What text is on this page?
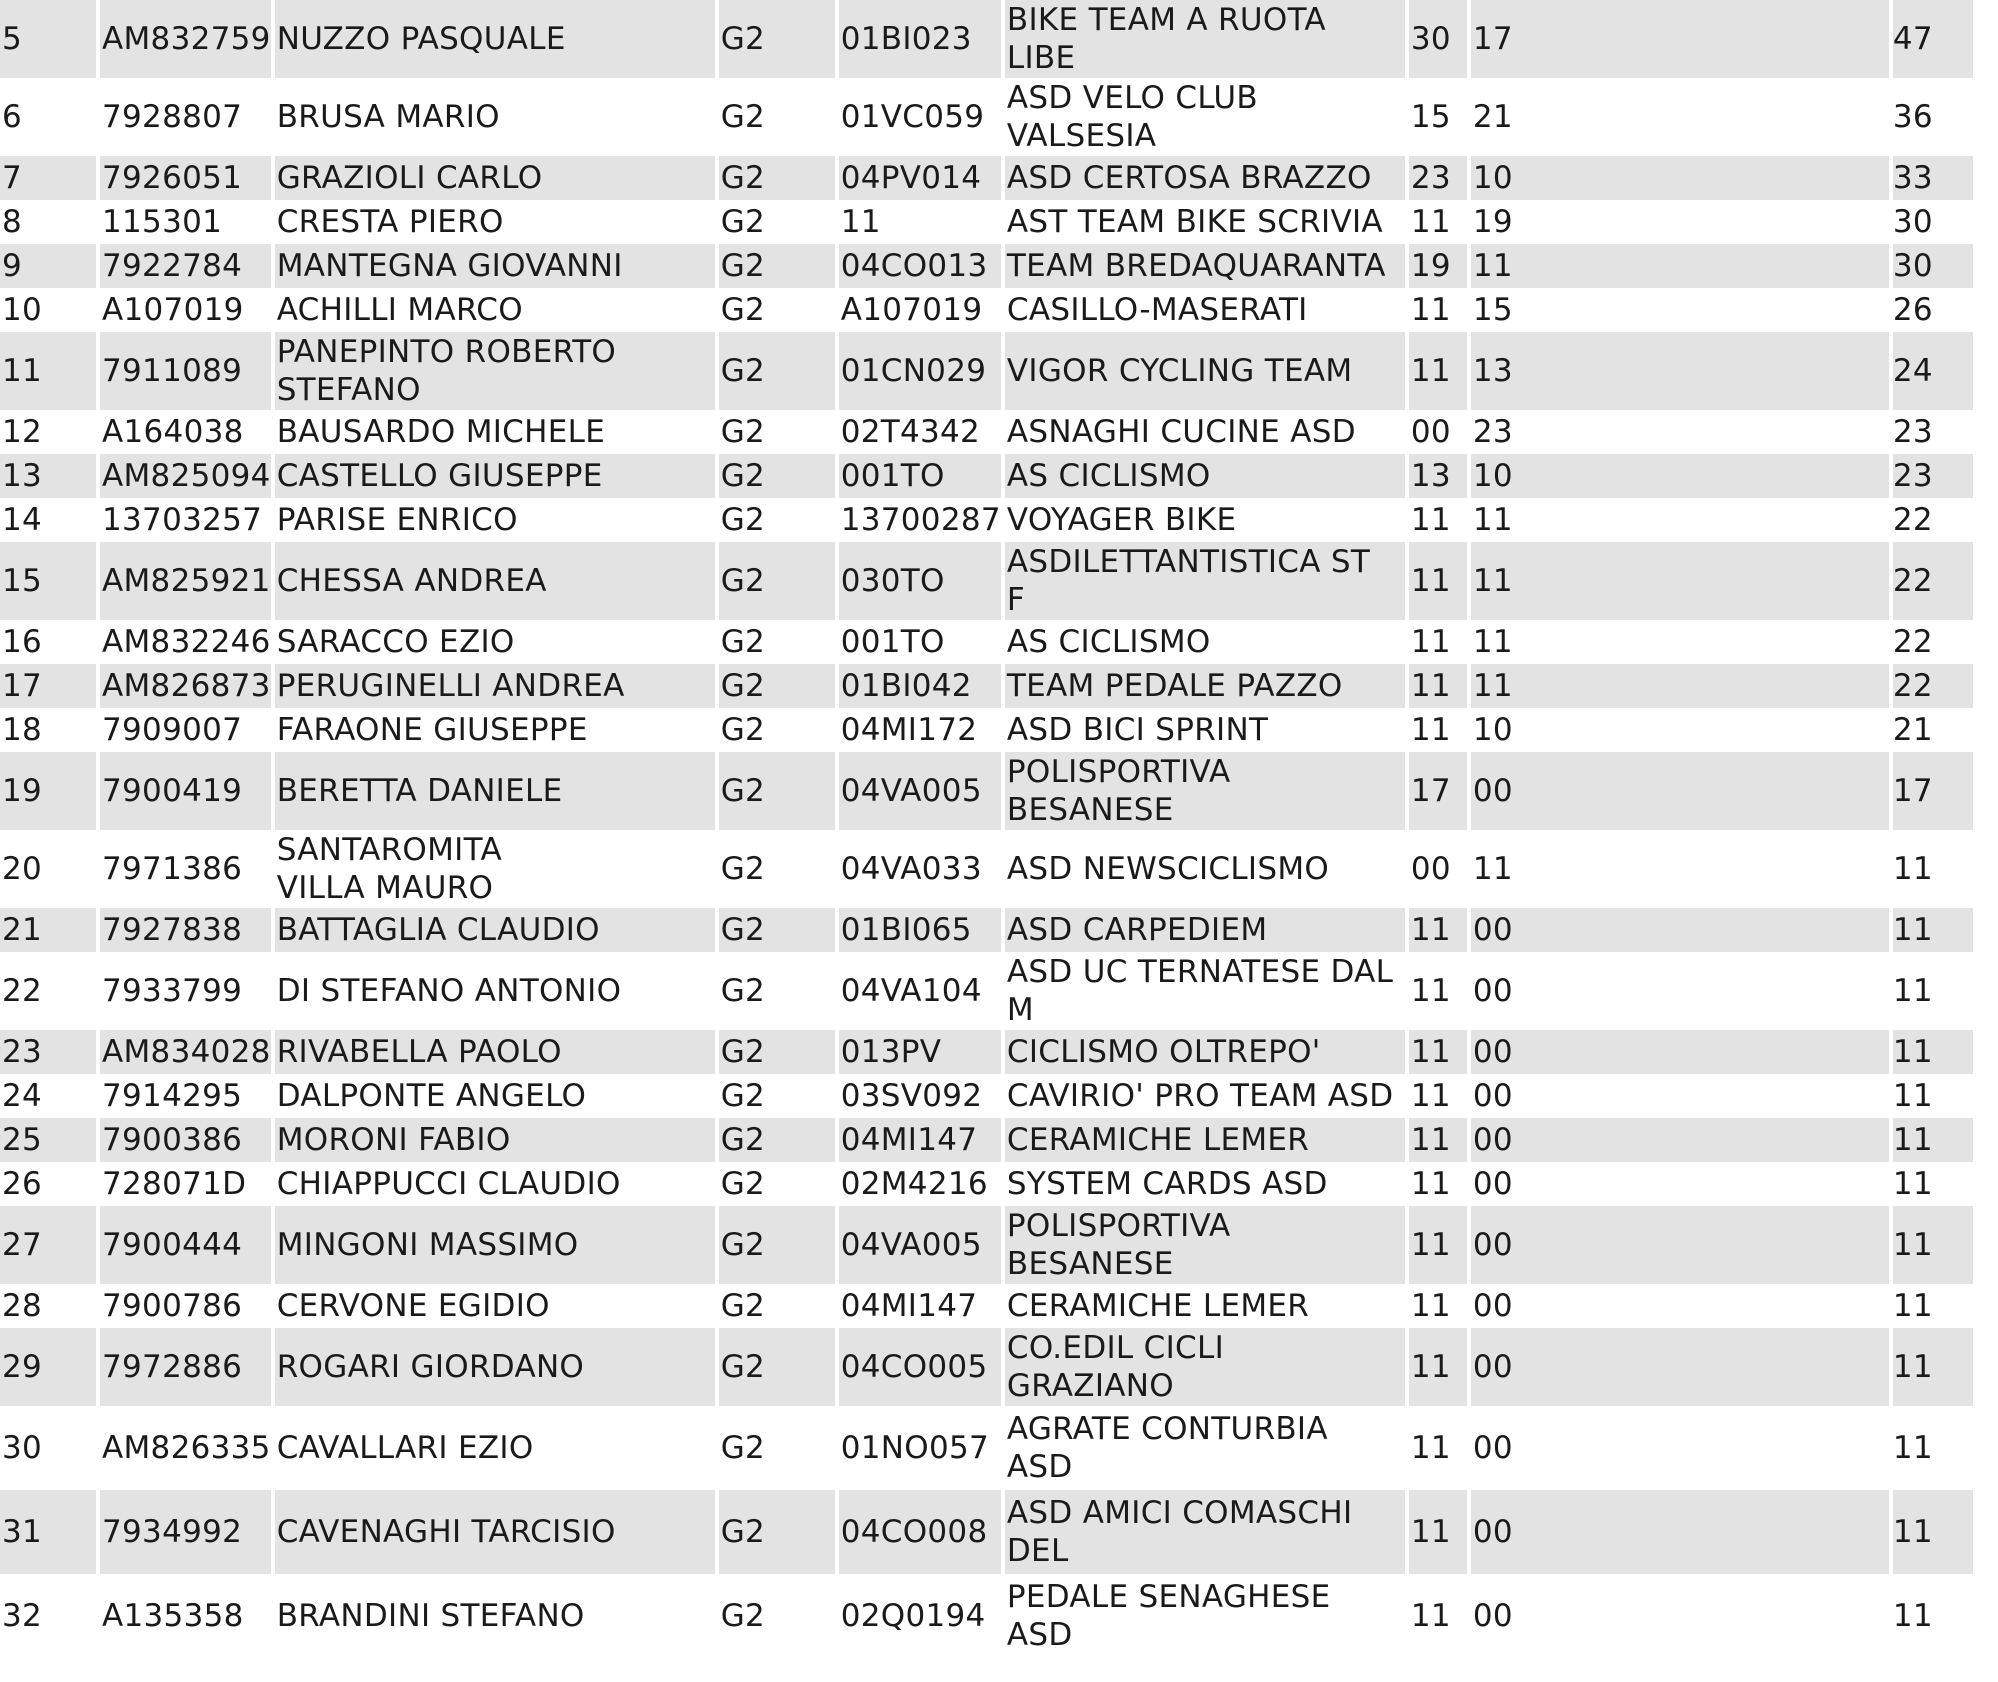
5	AM832759	NUZZO PASQUALE	G2	01BI023	BIKE TEAM A RUOTA
LIBE	30	17	47
6	7928807	BRUSA MARIO	G2	01VC059	ASD VELO CLUB
VALSESIA	15	21	36
7	7926051	GRAZIOLI CARLO	G2	04PV014	ASD CERTOSA BRAZZO	23	10	33
8	115301	CRESTA PIERO	G2	11	AST TEAM BIKE SCRIVIA	11	19	30
9	7922784	MANTEGNA GIOVANNI	G2	04CO013	TEAM BREDAQUARANTA	19	11	30
10	A107019	ACHILLI MARCO	G2	A107019	CASILLO-MASERATI	11	15	26
11	7911089	PANEPINTO ROBERTO
STEFANO	G2	01CN029	VIGOR CYCLING TEAM	11	13	24
12	A164038	BAUSARDO MICHELE	G2	02T4342	ASNAGHI CUCINE ASD	00	23	23
13	AM825094	CASTELLO GIUSEPPE	G2	001TO	AS CICLISMO	13	10	23
14	13703257	PARISE ENRICO	G2	13700287	VOYAGER BIKE	11	11	22
15	AM825921	CHESSA ANDREA	G2	030TO	ASDILETTANTISTICA ST
F	11	11	22
16	AM832246	SARACCO EZIO	G2	001TO	AS CICLISMO	11	11	22
17	AM826873	PERUGINELLI ANDREA	G2	01BI042	TEAM PEDALE PAZZO	11	11	22
18	7909007	FARAONE GIUSEPPE	G2	04MI172	ASD BICI SPRINT	11	10	21
19	7900419	BERETTA DANIELE	G2	04VA005	POLISPORTIVA
BESANESE	17	00	17
20	7971386	SANTAROMITA
VILLA MAURO	G2	04VA033	ASD NEWSCICLISMO	00	11	11
21	7927838	BATTAGLIA CLAUDIO	G2	01BI065	ASD CARPEDIEM	11	00	11
22	7933799	DI STEFANO ANTONIO	G2	04VA104	ASD UC TERNATESE DAL
M	11	00	11
23	AM834028	RIVABELLA PAOLO	G2	013PV	CICLISMO OLTREPO'	11	00	11
24	7914295	DALPONTE ANGELO	G2	03SV092	CAVIRIO' PRO TEAM ASD	11	00	11
25	7900386	MORONI FABIO	G2	04MI147	CERAMICHE LEMER	11	00	11
26	728071D	CHIAPPUCCI CLAUDIO	G2	02M4216	SYSTEM CARDS ASD	11	00	11
27	7900444	MINGONI MASSIMO	G2	04VA005	POLISPORTIVA
BESANESE	11	00	11
28	7900786	CERVONE EGIDIO	G2	04MI147	CERAMICHE LEMER	11	00	11
29	7972886	ROGARI GIORDANO	G2	04CO005	CO.EDIL CICLI
GRAZIANO	11	00	11
30	AM826335	CAVALLARI EZIO	G2	01NO057	AGRATE CONTURBIA
ASD	11	00	11
31	7934992	CAVENAGHI TARCISIO	G2	04CO008	ASD AMICI COMASCHI
DEL	11	00	11
32	A135358	BRANDINI STEFANO	G2	02Q0194	PEDALE SENAGHESE
ASD	11	00	11
